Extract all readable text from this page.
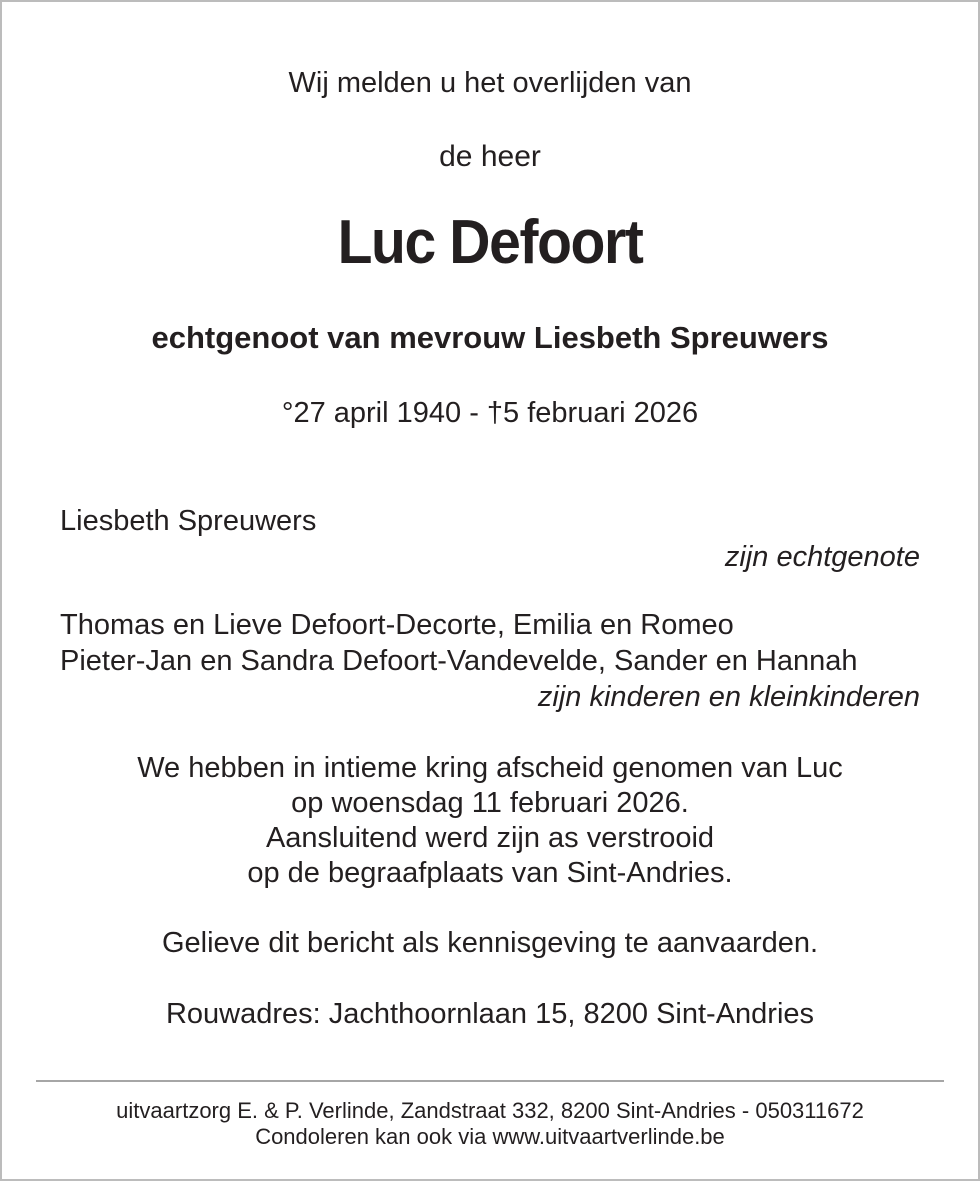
Wij melden u het overlijden van
de heer
Luc Defoort
echtgenoot van mevrouw Liesbeth Spreuwers
°27 april 1940 - †5 februari 2026
Liesbeth Spreuwers
zijn echtgenote
Thomas en Lieve Defoort-Decorte, Emilia en Romeo
Pieter-Jan en Sandra Defoort-Vandevelde, Sander en Hannah
zijn kinderen en kleinkinderen
We hebben in intieme kring afscheid genomen van Luc
op woensdag 11 februari 2026.
Aansluitend werd zijn as verstrooid
op de begraafplaats van Sint-Andries.
Gelieve dit bericht als kennisgeving te aanvaarden.
Rouwadres: Jachthoornlaan 15, 8200 Sint-Andries
uitvaartzorg E. & P. Verlinde, Zandstraat 332, 8200 Sint-Andries - 050311672
Condoleren kan ook via www.uitvaartverlinde.be
